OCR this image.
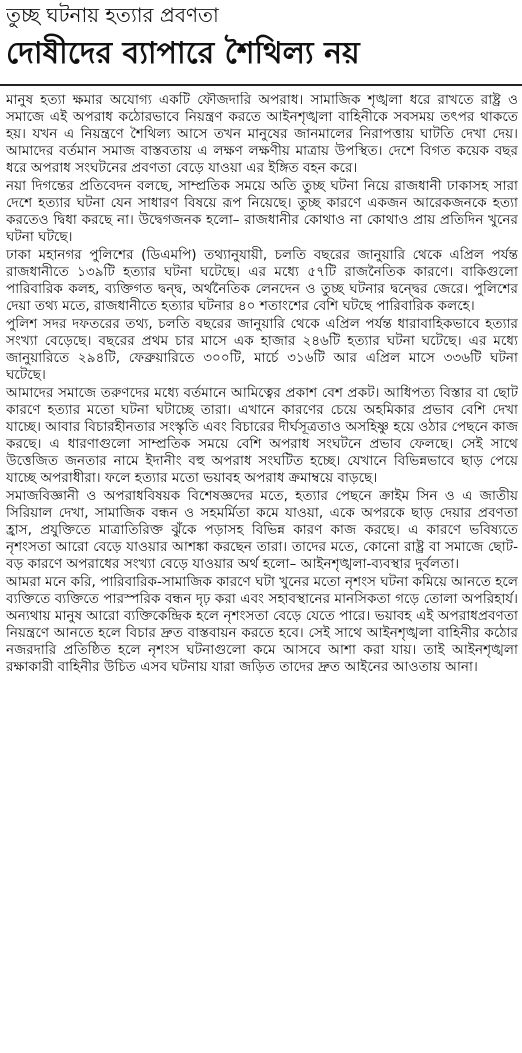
তুচ্ছ ঘটনায় হত্যার প্রবণতা
দোষীদের ব্যাপারে শৈথিল্য নয়

মানুষ হত্যা ক্ষমার অযোগ্য একটি ফৌজদারি অপরাধ। সামাজিক শৃঙ্খলা ধরে রাখতে রাষ্ট্র ও সমাজে এই অপরাধ কঠোরভাবে নিয়ন্ত্রণ করতে আইনশৃঙ্খলা বাহিনীকে সবসময় তৎপর থাকতে হয়। যখন এ নিয়ন্ত্রণে শৈথিল্য আসে তখন মানুষের জানমালের নিরাপত্তায় ঘাটতি দেখা দেয়। আমাদের বর্তমান সমাজ বাস্তবতায় এ লক্ষণ লক্ষণীয় মাত্রায় উপস্থিত। দেশে বিগত কয়েক বছর ধরে অপরাধ সংঘটনের প্রবণতা বেড়ে যাওয়া এর ইঙ্গিত বহন করে।

নয়া দিগন্তের প্রতিবেদন বলছে, সাম্প্রতিক সময়ে অতি তুচ্ছ ঘটনা নিয়ে রাজধানী ঢাকাসহ সারা দেশে হত্যার ঘটনা যেন সাধারণ বিষয়ে রূপ নিয়েছে। তুচ্ছ কারণে একজন আরেকজনকে হত্যা করতেও দ্বিধা করছে না। উদ্বেগজনক হলো– রাজধানীর কোথাও না কোথাও প্রায় প্রতিদিন খুনের ঘটনা ঘটছে।

ঢাকা মহানগর পুলিশের (ডিএমপি) তথ্যানুযায়ী, চলতি বছরের জানুয়ারি থেকে এপ্রিল পর্যন্ত রাজধানীতে ১৩৯টি হত্যার ঘটনা ঘটেছে। এর মধ্যে ৫৭টি রাজনৈতিক কারণে। বাকিগুলো পারিবারিক কলহ, ব্যক্তিগত দ্বন্দ্ব, অর্থনৈতিক লেনদেন ও তুচ্ছ ঘটনার দ্বন্দ্বের জেরে। পুলিশের দেয়া তথ্য মতে, রাজধানীতে হত্যার ঘটনার ৪০ শতাংশের বেশি ঘটছে পারিবারিক কলহে।

পুলিশ সদর দফতরের তথ্য, চলতি বছরের জানুয়ারি থেকে এপ্রিল পর্যন্ত ধারাবাহিকভাবে হত্যার সংখ্যা বেড়েছে। বছরের প্রথম চার মাসে এক হাজার ২৪৬টি হত্যার ঘটনা ঘটেছে। এর মধ্যে জানুয়ারিতে ২৯৪টি, ফেব্রুয়ারিতে ৩০০টি, মার্চে ৩১৬টি আর এপ্রিল মাসে ৩৩৬টি ঘটনা ঘটেছে।

আমাদের সমাজে তরুণদের মধ্যে বর্তমানে আমিত্বের প্রকাশ বেশ প্রকট। আধিপত্য বিস্তার বা ছোট কারণে হত্যার মতো ঘটনা ঘটাচ্ছে তারা। এখানে কারণের চেয়ে অহমিকার প্রভাব বেশি দেখা যাচ্ছে। আবার বিচারহীনতার সংস্কৃতি এবং বিচারের দীর্ঘসূত্রতাও অসহিষ্ণু হয়ে ওঠার পেছনে কাজ করছে। এ ধারণাগুলো সাম্প্রতিক সময়ে বেশি অপরাধ সংঘটনে প্রভাব ফেলছে। সেই সাথে উত্তেজিত জনতার নামে ইদানীং বহু অপরাধ সংঘটিত হচ্ছে। যেখানে বিভিন্নভাবে ছাড় পেয়ে যাচ্ছে অপরাধীরা। ফলে হত্যার মতো ভয়াবহ অপরাধ ক্রমাম্বয়ে বাড়ছে।

সমাজবিজ্ঞানী ও অপরাধবিষয়ক বিশেষজ্ঞদের মতে, হত্যার পেছনে ক্রাইম সিন ও এ জাতীয় সিরিয়াল দেখা, সামাজিক বন্ধন ও সহমর্মিতা কমে যাওয়া, একে অপরকে ছাড় দেয়ার প্রবণতা হ্রাস, প্রযুক্তিতে মাত্রাতিরিক্ত ঝুঁকে পড়াসহ বিভিন্ন কারণ কাজ করছে। এ কারণে ভবিষ্যতে নৃশংসতা আরো বেড়ে যাওয়ার আশঙ্কা করছেন তারা। তাদের মতে, কোনো রাষ্ট্র বা সমাজে ছোট-বড় কারণে অপরাধের সংখ্যা বেড়ে যাওয়ার অর্থ হলো– আইনশৃঙ্খলা-ব্যবস্থার দুর্বলতা।

আমরা মনে করি, পারিবারিক-সামাজিক কারণে ঘটা খুনের মতো নৃশংস ঘটনা কমিয়ে আনতে হলে ব্যক্তিতে ব্যক্তিতে পারস্পরিক বন্ধন দৃঢ় করা এবং সহাবস্থানের মানসিকতা গড়ে তোলা অপরিহার্য। অন্যথায় মানুষ আরো ব্যক্তিকেন্দ্রিক হলে নৃশংসতা বেড়ে যেতে পারে। ভয়াবহ এই অপরাধপ্রবণতা নিয়ন্ত্রণে আনতে হলে বিচার দ্রুত বাস্তবায়ন করতে হবে। সেই সাথে আইনশৃঙ্খলা বাহিনীর কঠোর নজরদারি প্রতিষ্ঠিত হলে নৃশংস ঘটনাগুলো কমে আসবে আশা করা যায়। তাই আইনশৃঙ্খলা রক্ষাকারী বাহিনীর উচিত এসব ঘটনায় যারা জড়িত তাদের দ্রুত আইনের আওতায় আনা।
